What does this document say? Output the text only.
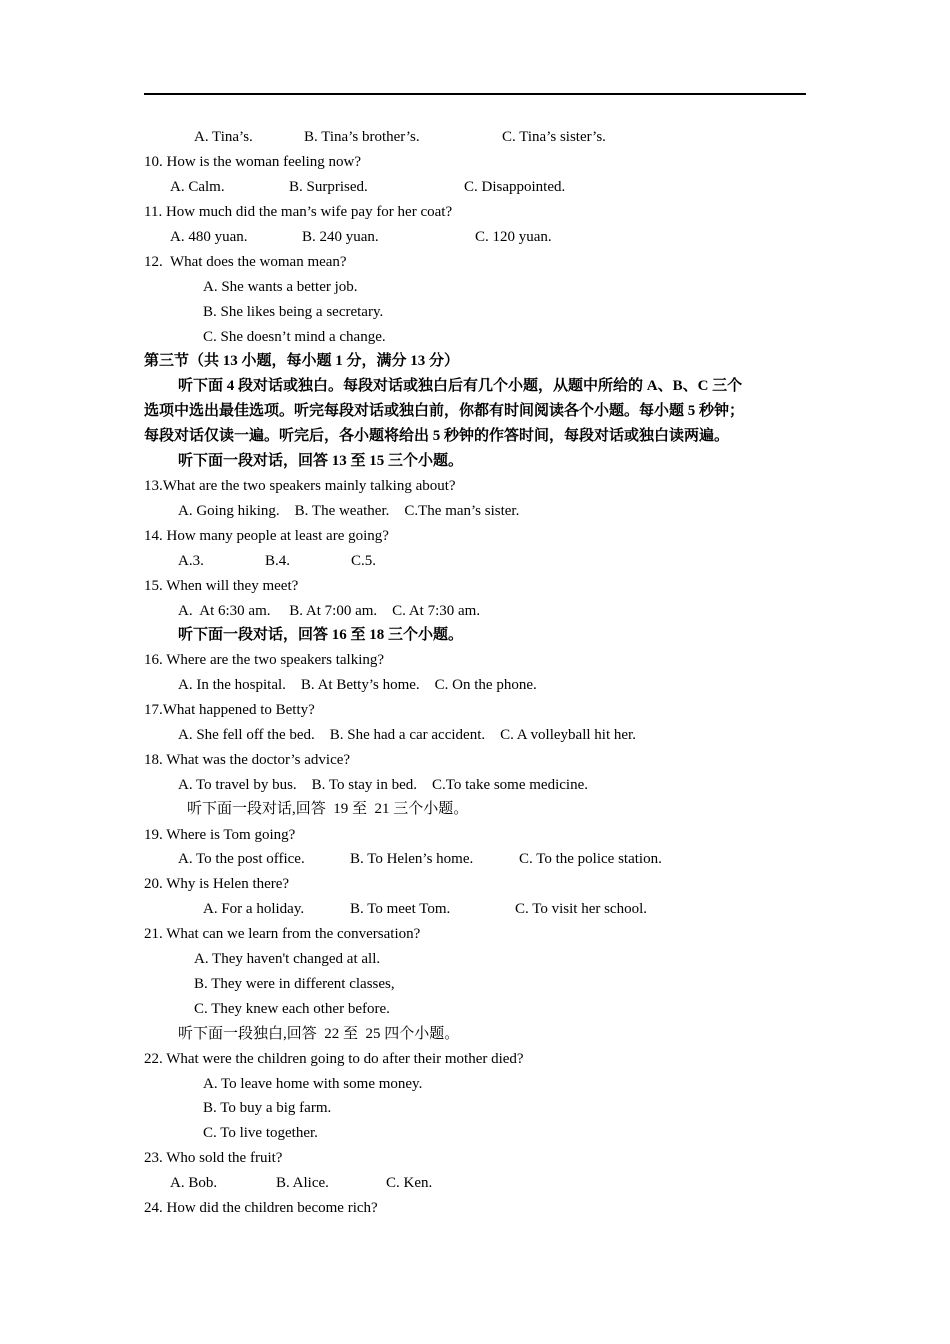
A. Tina’s.	B. Tina’s brother’s.	C. Tina’s sister’s.
10. How is the woman feeling now?
A. Calm.	B. Surprised.	C. Disappointed.
11. How much did the man’s wife pay for her coat?
A. 480 yuan.	B. 240 yuan.	C. 120 yuan.
12.  What does the woman mean?
A. She wants a better job.
B. She likes being a secretary.
C. She doesn’t mind a change.
第三节（共 13 小题，每小题 1 分，满分 13 分）
听下面 4 段对话或独白。每段对话或独白后有几个小题，从题中所给的 A、B、C 三个
选项中选出最佳选项。听完每段对话或独白前，你都有时间阅读各个小题。每小题 5 秒钟；
每段对话仅读一遍。听完后，各小题将给出 5 秒钟的作答时间，每段对话或独白读两遍。
听下面一段对话，回答 13 至 15 三个小题。
13.What are the two speakers mainly talking about?
A. Going hiking.    B. The weather.    C.The man’s sister.
14. How many people at least are going?
A.3.	B.4.	C.5.
15. When will they meet?
A.  At 6:30 am.     B. At 7:00 am.    C. At 7:30 am.
听下面一段对话，回答 16 至 18 三个小题。
16. Where are the two speakers talking?
A. In the hospital.    B. At Betty’s home.    C. On the phone.
17.What happened to Betty?
A. She fell off the bed.    B. She had a car accident.    C. A volleyball hit her.
18. What was the doctor’s advice?
A. To travel by bus.    B. To stay in bed.    C.To take some medicine.
听下面一段对话,回答  19 至  21 三个小题。
19. Where is Tom going?
A. To the post office.	B. To Helen’s home.	C. To the police station.
20. Why is Helen there?
A. For a holiday.	B. To meet Tom.	C. To visit her school.
21. What can we learn from the conversation?
A. They haven't changed at all.
B. They were in different classes,
C. They knew each other before.
听下面一段独白,回答  22 至  25 四个小题。
22. What were the children going to do after their mother died?
A. To leave home with some money.
B. To buy a big farm.
C. To live together.
23. Who sold the fruit?
A. Bob.	B. Alice.	C. Ken.
24. How did the children become rich?
